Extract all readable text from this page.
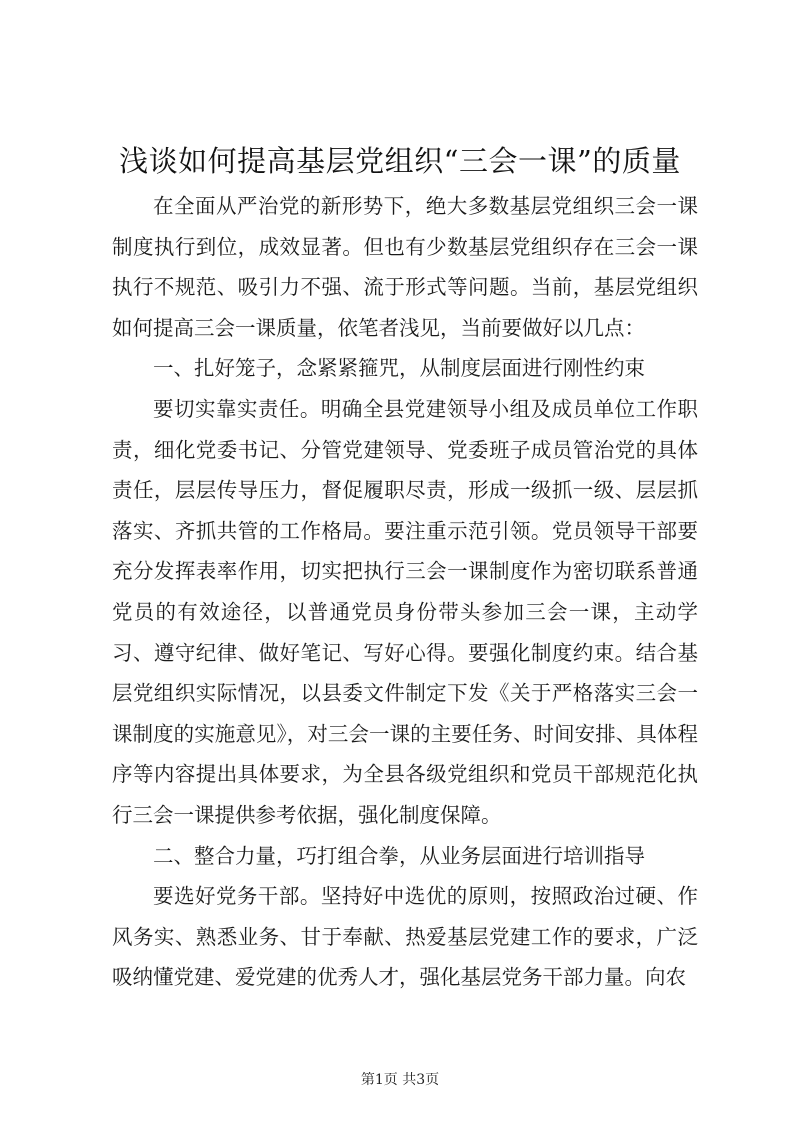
浅谈如何提高基层党组织“三会一课”的质量

在全面从严治党的新形势下，绝大多数基层党组织三会一课制度执行到位，成效显著。但也有少数基层党组织存在三会一课执行不规范、吸引力不强、流于形式等问题。当前，基层党组织如何提高三会一课质量，依笔者浅见，当前要做好以几点：

一、扎好笼子，念紧紧箍咒，从制度层面进行刚性约束

要切实靠实责任。明确全县党建领导小组及成员单位工作职责，细化党委书记、分管党建领导、党委班子成员管治党的具体责任，层层传导压力，督促履职尽责，形成一级抓一级、层层抓落实、齐抓共管的工作格局。要注重示范引领。党员领导干部要充分发挥表率作用，切实把执行三会一课制度作为密切联系普通党员的有效途径，以普通党员身份带头参加三会一课，主动学习、遵守纪律、做好笔记、写好心得。要强化制度约束。结合基层党组织实际情况，以县委文件制定下发《关于严格落实三会一课制度的实施意见》，对三会一课的主要任务、时间安排、具体程序等内容提出具体要求，为全县各级党组织和党员干部规范化执行三会一课提供参考依据，强化制度保障。

二、整合力量，巧打组合拳，从业务层面进行培训指导

要选好党务干部。坚持好中选优的原则，按照政治过硬、作风务实、熟悉业务、甘于奉献、热爱基层党建工作的要求，广泛吸纳懂党建、爱党建的优秀人才，强化基层党务干部力量。向农

第1页 共3页
